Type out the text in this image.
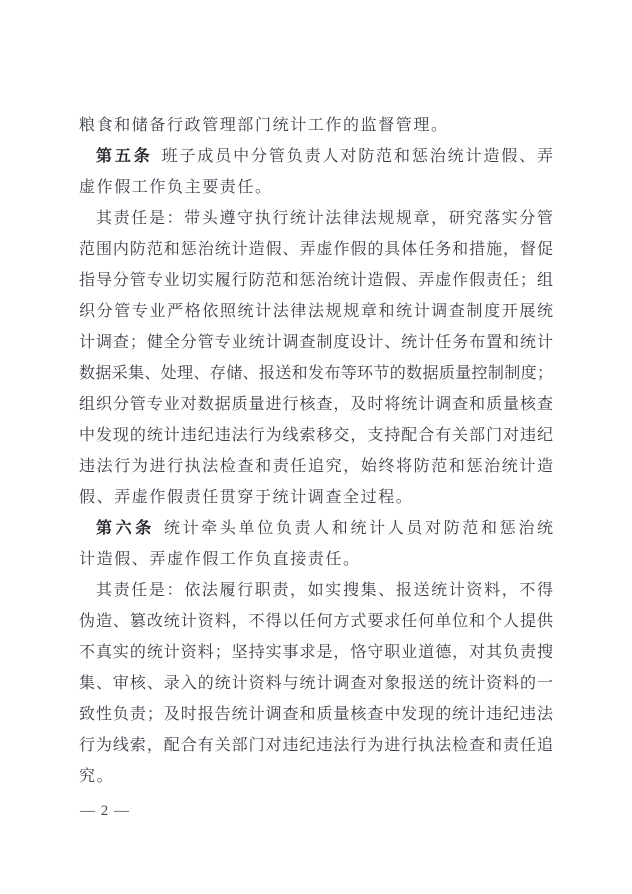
粮食和储备行政管理部门统计工作的监督管理。
第五条 班子成员中分管负责人对防范和惩治统计造假、弄
虚作假工作负主要责任。
其责任是：带头遵守执行统计法律法规规章，研究落实分管
范围内防范和惩治统计造假、弄虚作假的具体任务和措施，督促
指导分管专业切实履行防范和惩治统计造假、弄虚作假责任；组
织分管专业严格依照统计法律法规规章和统计调查制度开展统
计调查；健全分管专业统计调查制度设计、统计任务布置和统计
数据采集、处理、存储、报送和发布等环节的数据质量控制制度；
组织分管专业对数据质量进行核查，及时将统计调查和质量核查
中发现的统计违纪违法行为线索移交，支持配合有关部门对违纪
违法行为进行执法检查和责任追究，始终将防范和惩治统计造
假、弄虚作假责任贯穿于统计调查全过程。
第六条 统计牵头单位负责人和统计人员对防范和惩治统
计造假、弄虚作假工作负直接责任。
其责任是：依法履行职责，如实搜集、报送统计资料，不得
伪造、篡改统计资料，不得以任何方式要求任何单位和个人提供
不真实的统计资料；坚持实事求是，恪守职业道德，对其负责搜
集、审核、录入的统计资料与统计调查对象报送的统计资料的一
致性负责；及时报告统计调查和质量核查中发现的统计违纪违法
行为线索，配合有关部门对违纪违法行为进行执法检查和责任追
究。
— 2 —
